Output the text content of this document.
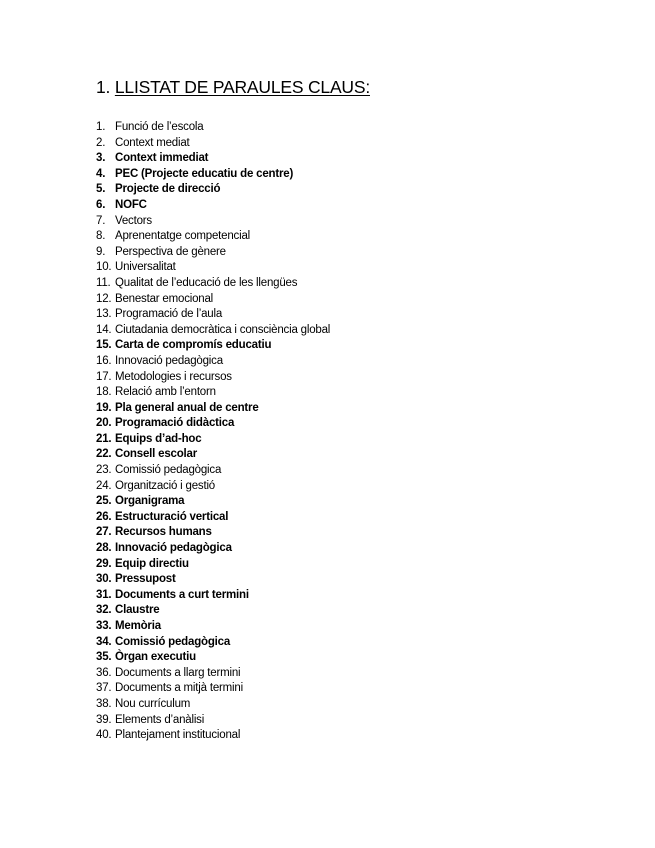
1. LLISTAT DE PARAULES CLAUS:
1. Funció de l’escola
2. Context mediat
3. Context immediat
4. PEC (Projecte educatiu de centre)
5. Projecte de direcció
6. NOFC
7. Vectors
8. Aprenentatge competencial
9. Perspectiva de gènere
10. Universalitat
11. Qualitat de l’educació de les llengües
12. Benestar emocional
13. Programació de l’aula
14. Ciutadania democràtica i consciència global
15. Carta de compromís educatiu
16. Innovació pedagògica
17. Metodologies i recursos
18. Relació amb l’entorn
19. Pla general anual de centre
20. Programació didàctica
21. Equips d’ad-hoc
22. Consell escolar
23. Comissió pedagògica
24. Organització i gestió
25. Organigrama
26. Estructuració vertical
27. Recursos humans
28. Innovació pedagògica
29. Equip directiu
30. Pressupost
31. Documents a curt termini
32. Claustre
33. Memòria
34. Comissió pedagògica
35. Òrgan executiu
36. Documents a llarg termini
37. Documents a mitjà termini
38. Nou currículum
39. Elements d’anàlisi
40. Plantejament institucional
